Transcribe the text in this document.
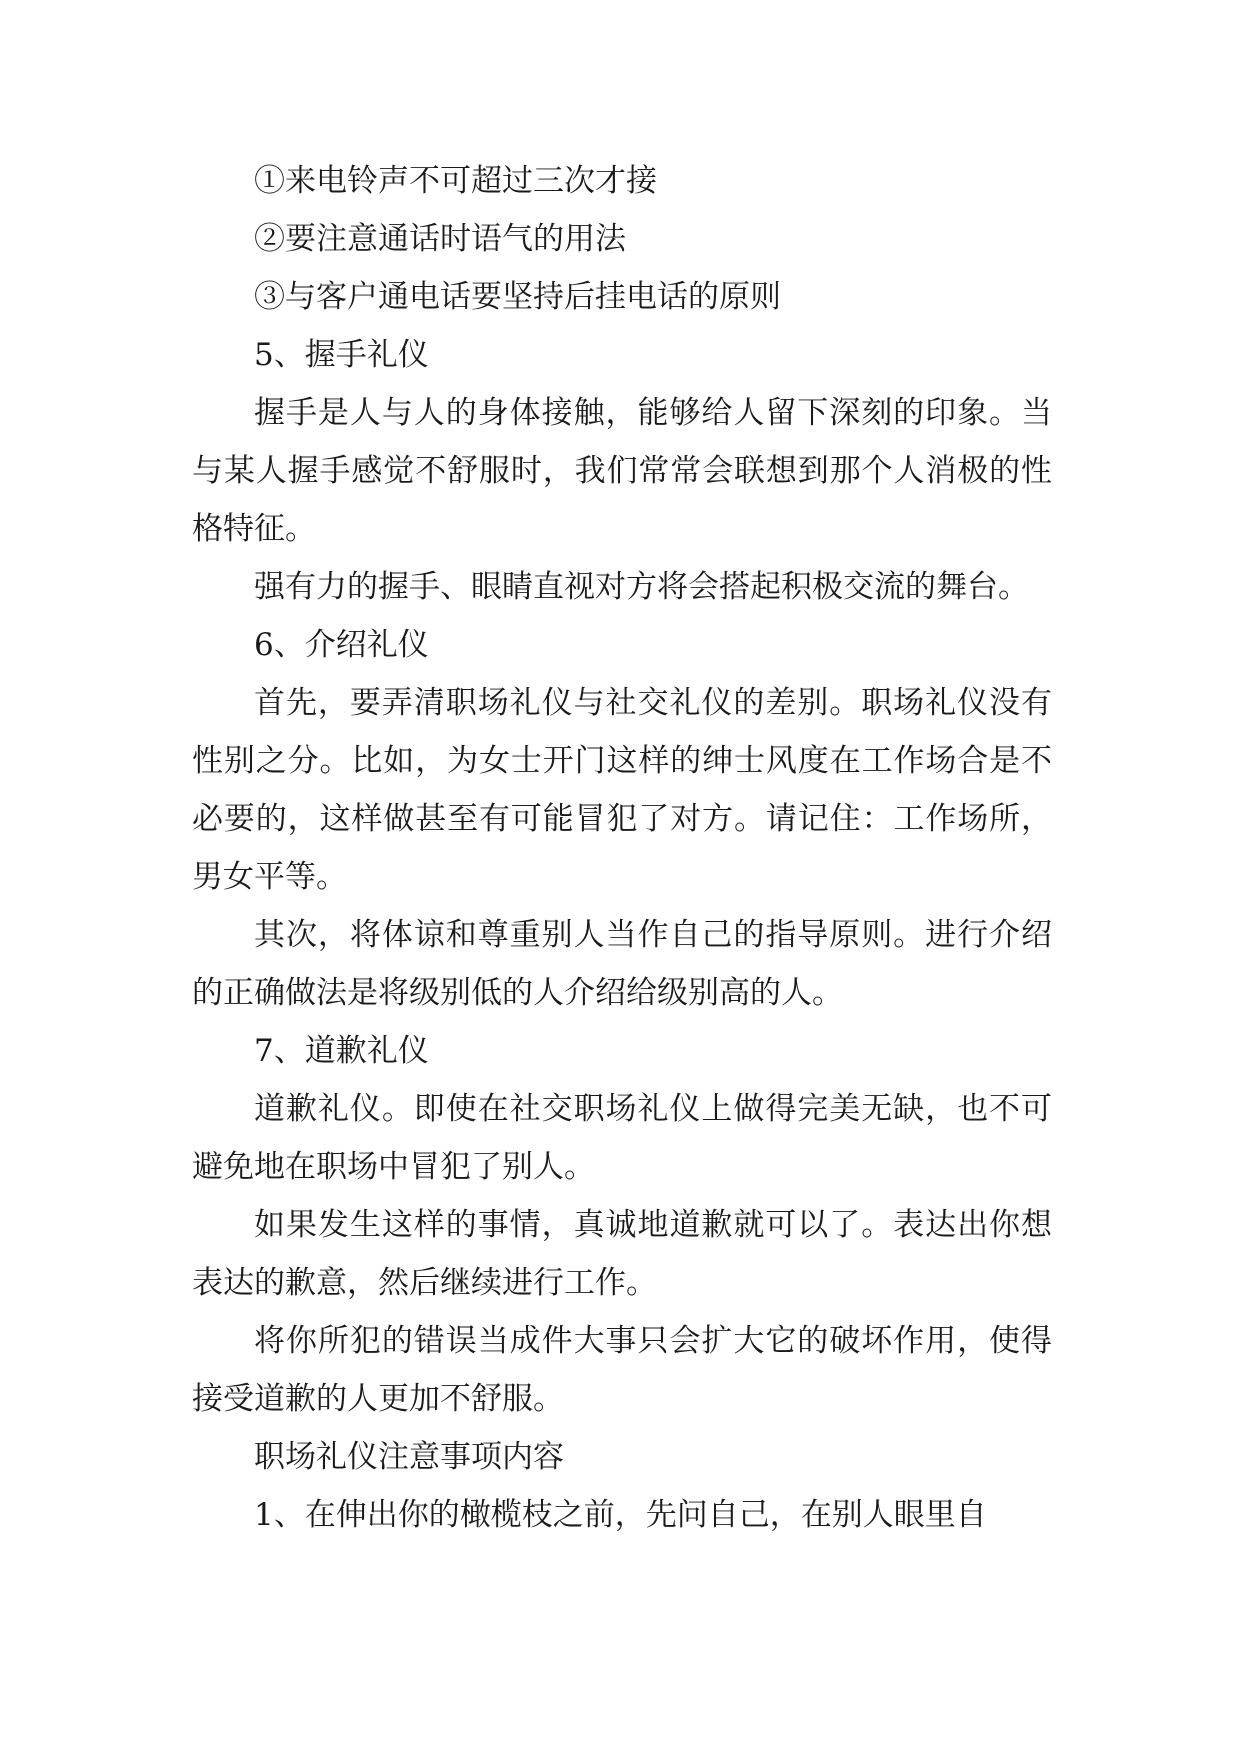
①来电铃声不可超过三次才接

②要注意通话时语气的用法

③与客户通电话要坚持后挂电话的原则

5、握手礼仪

握手是人与人的身体接触，能够给人留下深刻的印象。当与某人握手感觉不舒服时，我们常常会联想到那个人消极的性格特征。

强有力的握手、眼睛直视对方将会搭起积极交流的舞台。

6、介绍礼仪

首先，要弄清职场礼仪与社交礼仪的差别。职场礼仪没有性别之分。比如，为女士开门这样的绅士风度在工作场合是不必要的，这样做甚至有可能冒犯了对方。请记住：工作场所，男女平等。

其次，将体谅和尊重别人当作自己的指导原则。进行介绍的正确做法是将级别低的人介绍给级别高的人。

7、道歉礼仪

道歉礼仪。即使在社交职场礼仪上做得完美无缺，也不可避免地在职场中冒犯了别人。

如果发生这样的事情，真诚地道歉就可以了。表达出你想表达的歉意，然后继续进行工作。

将你所犯的错误当成件大事只会扩大它的破坏作用，使得接受道歉的人更加不舒服。

职场礼仪注意事项内容

1、在伸出你的橄榄枝之前，先问自己，在别人眼里自
